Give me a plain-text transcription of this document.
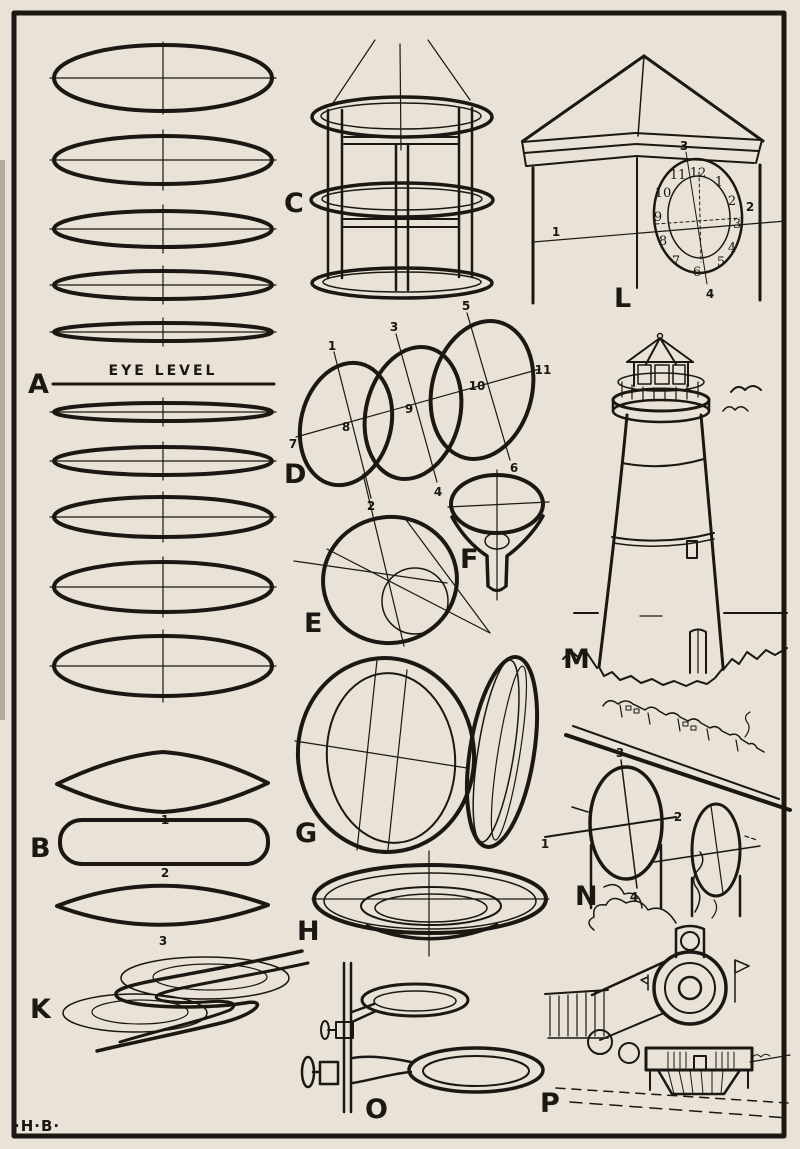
EYE LEVEL
A
1
2
3
B
C
12
1
2
3
4
5
6
7
8
9
10
11
1
2
3
4
L
1
2
3
4
5
6
7
8
9
10
11
D
E
F
M
G
H
1
2
3
4
N
K
O	P
·H·B·
